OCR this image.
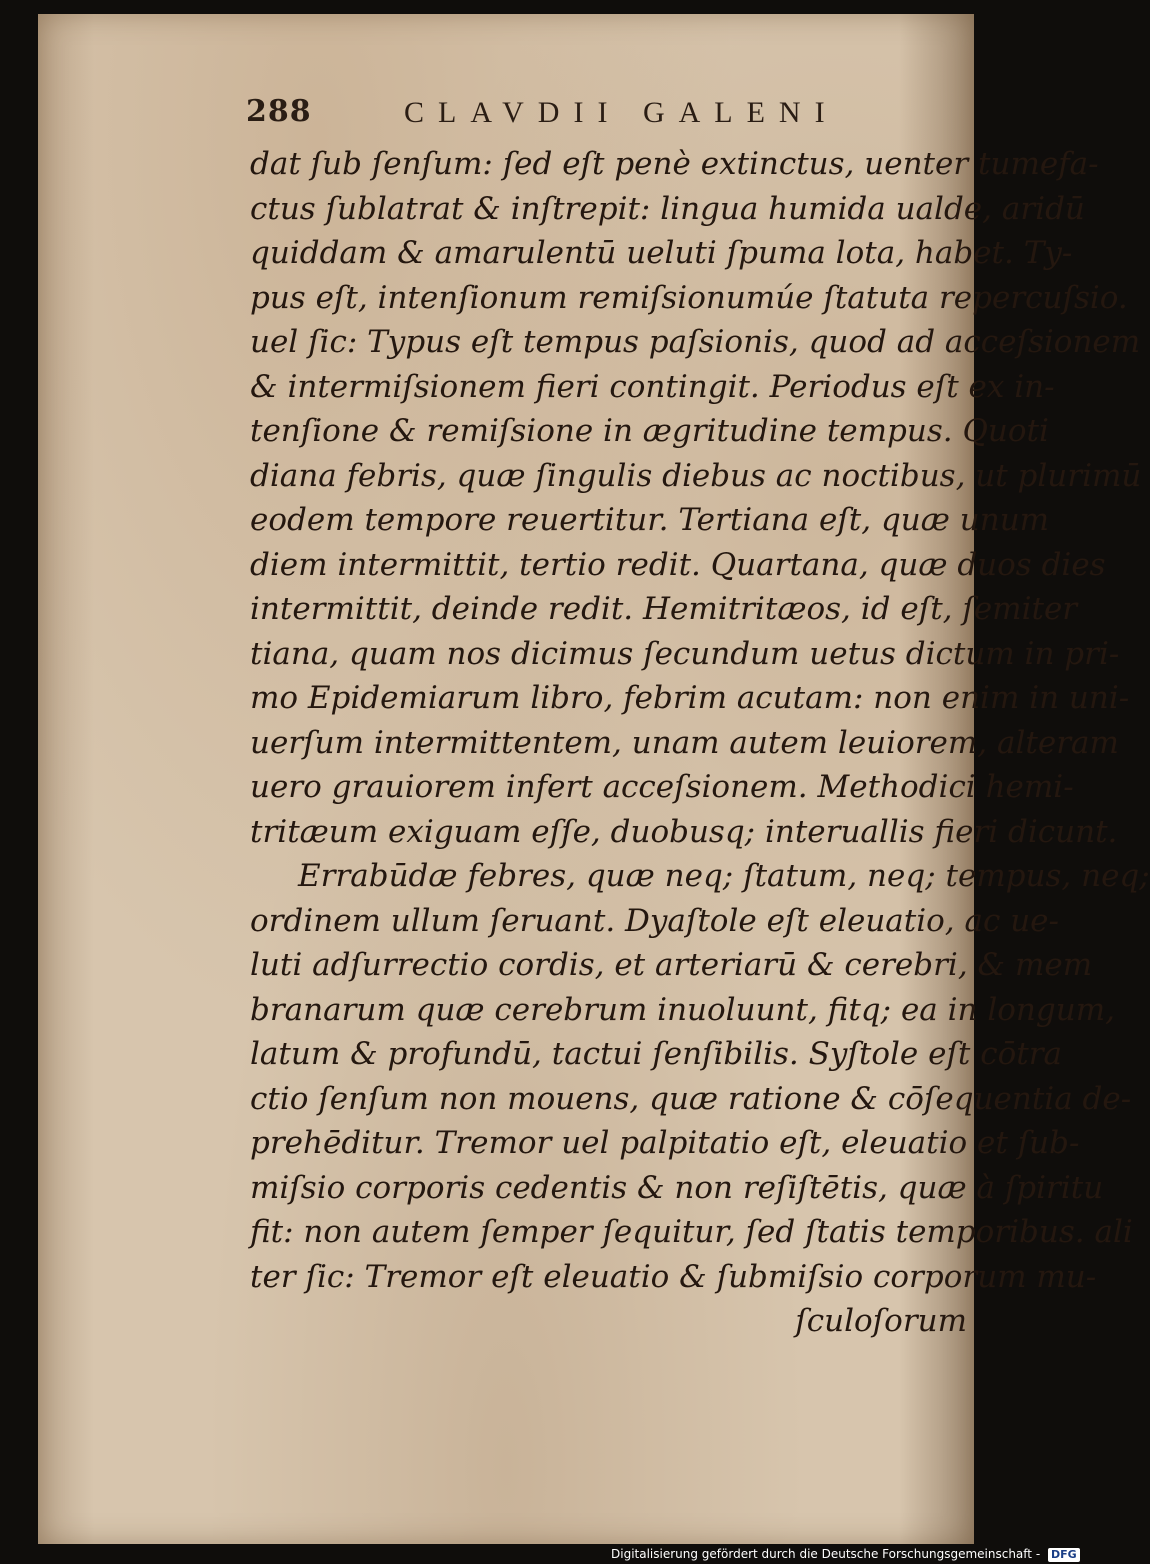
288	CLAVDII GALENI
dat ſub ſenſum: ſed eſt penè extinctus, uenter tumefa-
ctus ſublatrat & inſtrepit: lingua humida ualde, aridū
quiddam & amarulentū ueluti ſpuma lota, habet. Ty-
pus eſt, intenſionum remiſsionumúe ſtatuta repercuſsio.
uel ſic: Typus eſt tempus paſsionis, quod ad acceſsionem
& intermiſsionem fieri contingit. Periodus eſt ex in-
tenſione & remiſsione in ægritudine tempus. Quoti
diana febris, quæ ſingulis diebus ac noctibus, ut plurimū
eodem tempore reuertitur. Tertiana eſt, quæ unum
diem intermittit, tertio redit. Quartana, quæ duos dies
intermittit, deinde redit. Hemitritæos, id eſt, ſemiter
tiana, quam nos dicimus ſecundum uetus dictum in pri-
mo Epidemiarum libro, febrim acutam: non enim in uni-
uerſum intermittentem, unam autem leuiorem, alteram
uero grauiorem infert acceſsionem. Methodici hemi-
tritæum exiguam eſſe, duobusq; interuallis fieri dicunt.
Errabūdæ febres, quæ neq; ſtatum, neq; tempus, neq;
ordinem ullum ſeruant. Dyaſtole eſt eleuatio, ac ue-
luti adſurrectio cordis, et arteriarū & cerebri, & mem
branarum quæ cerebrum inuoluunt, fitq; ea in longum,
latum & profundū, tactui ſenſibilis. Syſtole eſt cōtra
ctio ſenſum non mouens, quæ ratione & cōſequentia de-
prehēditur. Tremor uel palpitatio eſt, eleuatio et ſub-
miſsio corporis cedentis & non reſiſtētis, quæ à ſpiritu
fit: non autem ſemper ſequitur, ſed ſtatis temporibus. ali
ter ſic: Tremor eſt eleuatio & ſubmiſsio corporum mu-
ſculoſorum
Digitalisierung gefördert durch die Deutsche Forschungsgemeinschaft - DFG
